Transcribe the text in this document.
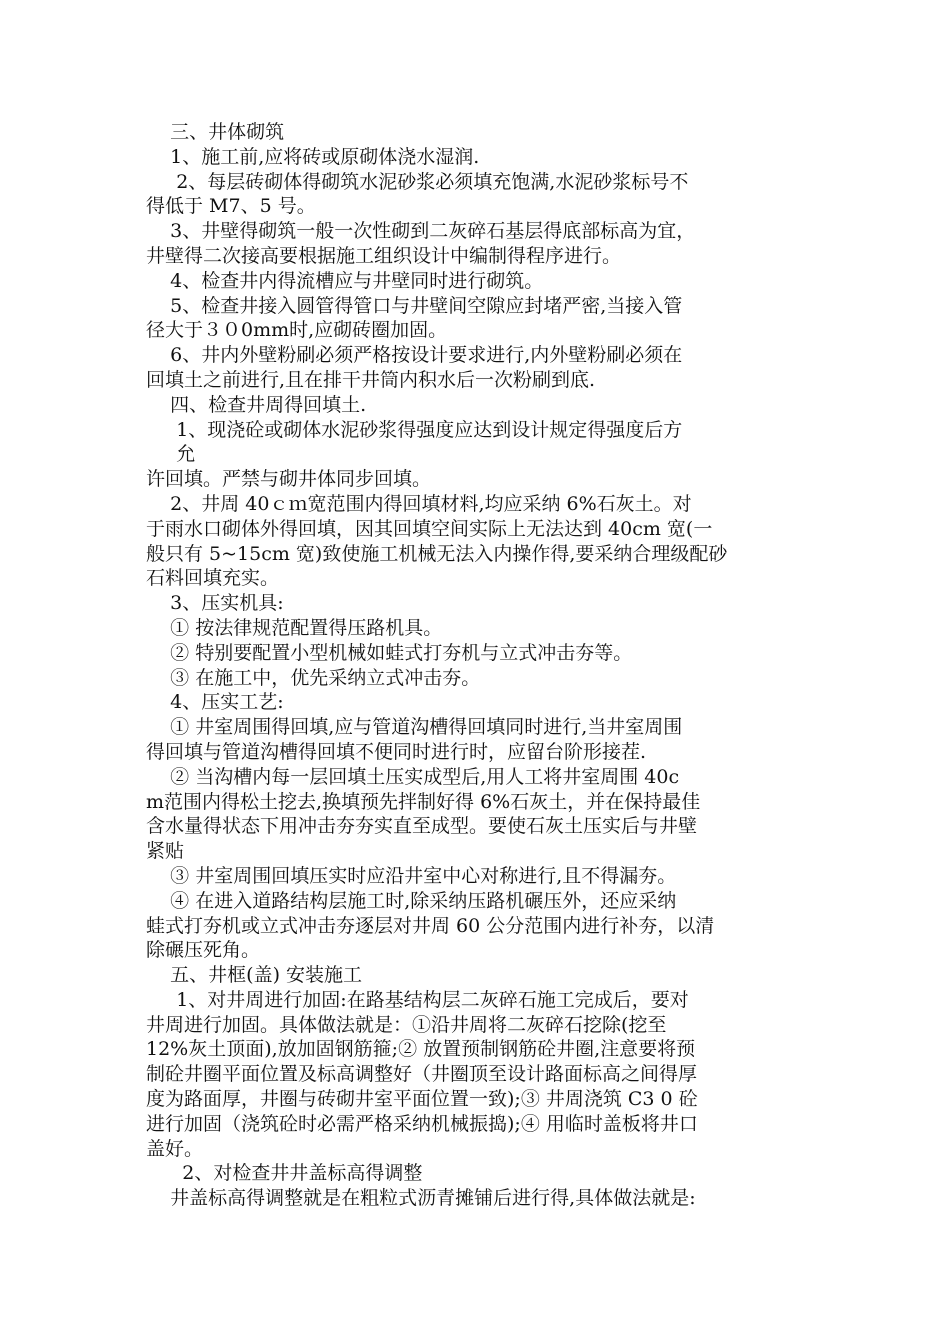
三、井体砌筑
1、施工前,应将砖或原砌体浇水湿润.
2、每层砖砌体得砌筑水泥砂浆必须填充饱满,水泥砂浆标号不
得低于 M7、5 号。
3、井壁得砌筑一般一次性砌到二灰碎石基层得底部标高为宜，
井壁得二次接高要根据施工组织设计中编制得程序进行。
4、检查井内得流槽应与井壁同时进行砌筑。
5、检查井接入圆管得管口与井壁间空隙应封堵严密,当接入管
径大于３０0mm时,应砌砖圈加固。
6、井内外壁粉刷必须严格按设计要求进行,内外壁粉刷必须在
回填土之前进行,且在排干井筒内积水后一次粉刷到底.
四、检查井周得回填土.
1、现浇砼或砌体水泥砂浆得强度应达到设计规定得强度后方
允
许回填。严禁与砌井体同步回填。
2、井周 40ｃｍ宽范围内得回填材料,均应采纳 6%石灰土。对
于雨水口砌体外得回填，因其回填空间实际上无法达到 40cm 宽(一
般只有 5~15cm 宽)致使施工机械无法入内操作得,要采纳合理级配砂
石料回填充实。
3、压实机具:
① 按法律规范配置得压路机具。
② 特别要配置小型机械如蛙式打夯机与立式冲击夯等。
③ 在施工中，优先采纳立式冲击夯。
4、压实工艺:
① 井室周围得回填,应与管道沟槽得回填同时进行,当井室周围
得回填与管道沟槽得回填不便同时进行时，应留台阶形接茬.
② 当沟槽内每一层回填土压实成型后,用人工将井室周围 40c
m范围内得松土挖去,换填预先拌制好得 6%石灰土，并在保持最佳
含水量得状态下用冲击夯夯实直至成型。要使石灰土压实后与井壁
紧贴
③ 井室周围回填压实时应沿井室中心对称进行,且不得漏夯。
④ 在进入道路结构层施工时,除采纳压路机碾压外，还应采纳
蛙式打夯机或立式冲击夯逐层对井周 60 公分范围内进行补夯，以清
除碾压死角。
五、井框(盖) 安装施工
1、对井周进行加固:在路基结构层二灰碎石施工完成后，要对
井周进行加固。具体做法就是：①沿井周将二灰碎石挖除(挖至
12%灰土顶面),放加固钢筋箍;② 放置预制钢筋砼井圈,注意要将预
制砼井圈平面位置及标高调整好（井圈顶至设计路面标高之间得厚
度为路面厚，井圈与砖砌井室平面位置一致);③ 井周浇筑 C3 0 砼
进行加固（浇筑砼时必需严格采纳机械振捣);④ 用临时盖板将井口
盖好。
2、对检查井井盖标高得调整
井盖标高得调整就是在粗粒式沥青摊铺后进行得,具体做法就是:
